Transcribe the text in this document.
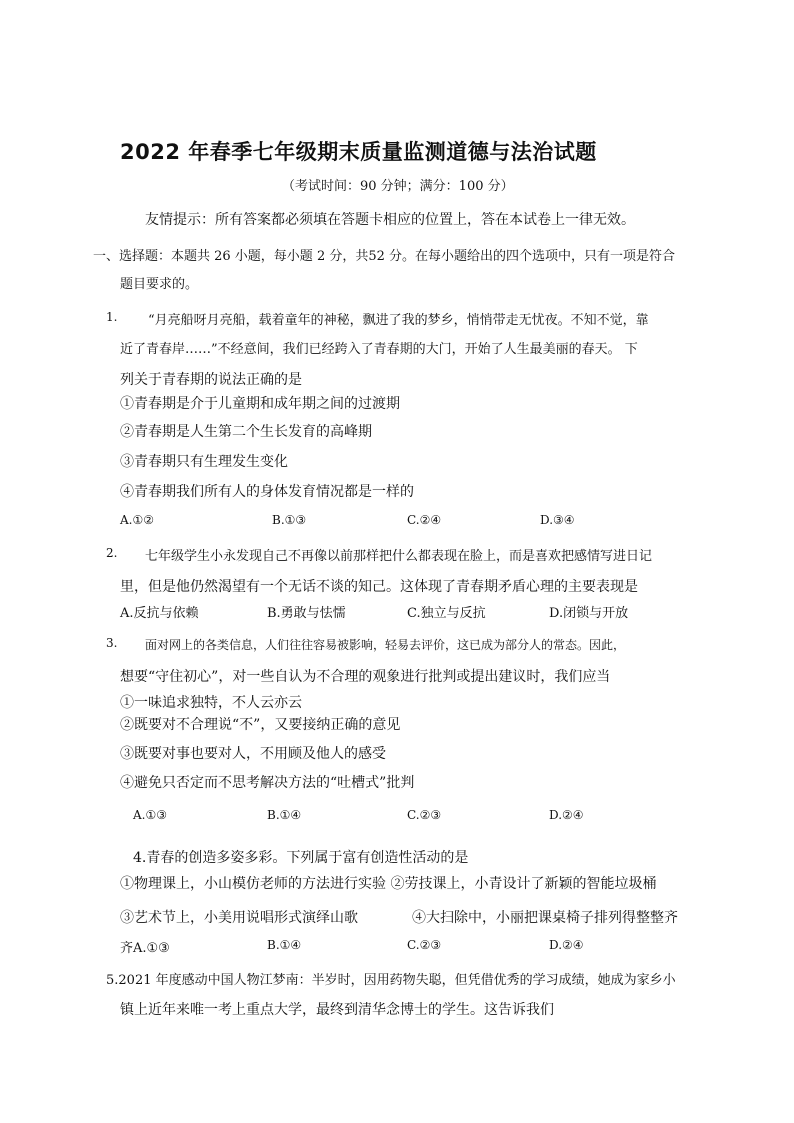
2022 年春季七年级期末质量监测道德与法治试题
（考试时间：90 分钟；满分：100 分）
友情提示：所有答案都必须填在答题卡相应的位置上，答在本试卷上一律无效。
一、选择题：本题共 26 小题，每小题 2 分，共52 分。在每小题给出的四个选项中，只有一项是符合
题目要求的。
1. “月亮船呀月亮船，载着童年的神秘，飘进了我的梦乡，悄悄带走无忧夜。不知不觉，靠
近了青春岸……”不经意间，我们已经跨入了青春期的大门，开始了人生最美丽的春天。 下
列关于青春期的说法正确的是
①青春期是介于儿童期和成年期之间的过渡期
②青春期是人生第二个生长发育的高峰期
③青春期只有生理发生变化
④青春期我们所有人的身体发育情况都是一样的
A.①②	B.①③	C.②④	D.③④
2. 七年级学生小永发现自己不再像以前那样把什么都表现在脸上，而是喜欢把感情写进日记
里，但是他仍然渴望有一个无话不谈的知己。这体现了青春期矛盾心理的主要表现是
A.反抗与依赖	B.勇敢与怯懦	C.独立与反抗	D.闭锁与开放
3. 面对网上的各类信息，人们往往容易被影响，轻易去评价，这已成为部分人的常态。因此，
想要“守住初心”，对一些自认为不合理的观象进行批判或提出建议时，我们应当
①一味追求独特，不人云亦云
②既要对不合理说“不”，又要接纳正确的意见
③既要对事也要对人，不用顾及他人的感受
④避免只否定而不思考解决方法的“吐槽式”批判
A.①③	B.①④	C.②③	D.②④
4.青春的创造多姿多彩。下列属于富有创造性活动的是
①物理课上，小山模仿老师的方法进行实验 ②劳技课上，小青设计了新颖的智能垃圾桶
③艺术节上，小美用说唱形式演绎山歌	④大扫除中，小丽把课桌椅子排列得整整齐
齐A.①③	B.①④	C.②③	D.②④
5.2021 年度感动中国人物江梦南：半岁时，因用药物失聪，但凭借优秀的学习成绩，她成为家乡小
镇上近年来唯一考上重点大学，最终到清华念博士的学生。这告诉我们
